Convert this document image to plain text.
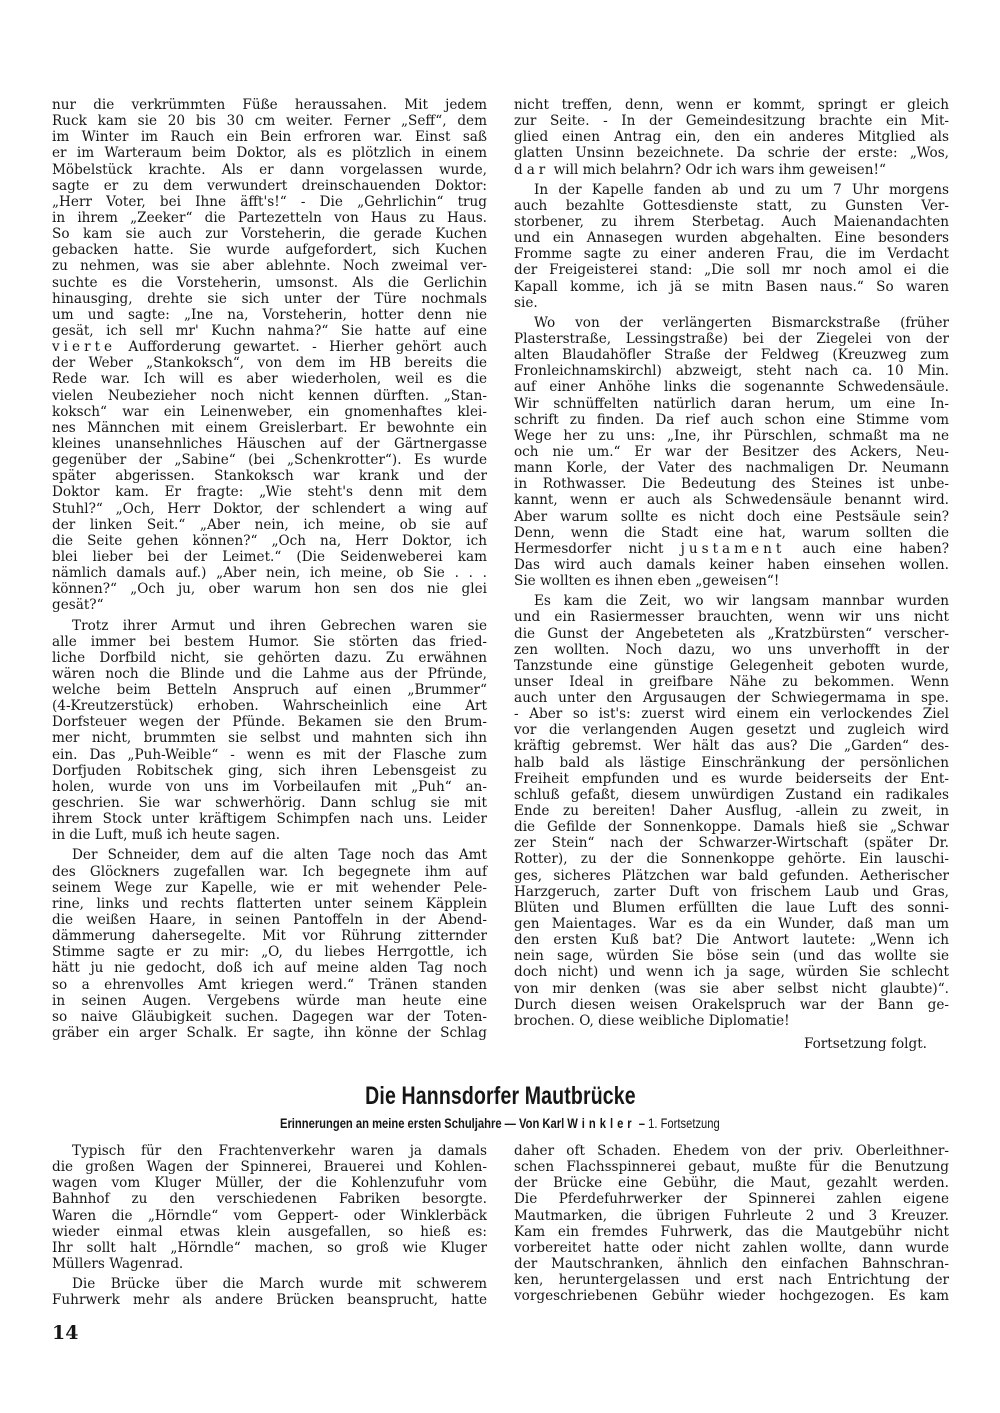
nur die verkrümmten Füße heraussahen. Mit jedem
Ruck kam sie 20 bis 30 cm weiter. Ferner „Seff“, dem
im Winter im Rauch ein Bein erfroren war. Einst saß
er im Warteraum beim Doktor, als es plötzlich in einem
Möbelstück krachte. Als er dann vorgelassen wurde,
sagte er zu dem verwundert dreinschauenden Doktor:
„Herr Voter, bei Ihne äfft's!“ - Die „Gehrlichin“ trug
in ihrem „Zeeker“ die Partezetteln von Haus zu Haus.
So kam sie auch zur Vorsteherin, die gerade Kuchen
gebacken hatte. Sie wurde aufgefordert, sich Kuchen
zu nehmen, was sie aber ablehnte. Noch zweimal ver-
suchte es die Vorsteherin, umsonst. Als die Gerlichin
hinausging, drehte sie sich unter der Türe nochmals
um und sagte: „Ine na, Vorsteherin, hotter denn nie
gesät, ich sell mr' Kuchn nahma?“ Sie hatte auf eine
vierte Aufforderung gewartet. - Hierher gehört auch
der Weber „Stankoksch“, von dem im HB bereits die
Rede war. Ich will es aber wiederholen, weil es die
vielen Neubezieher noch nicht kennen dürften. „Stan-
koksch“ war ein Leinenweber, ein gnomenhaftes klei-
nes Männchen mit einem Greislerbart. Er bewohnte ein
kleines unansehnliches Häuschen auf der Gärtnergasse
gegenüber der „Sabine“ (bei „Schenkrotter“). Es wurde
später abgerissen. Stankoksch war krank und der
Doktor kam. Er fragte: „Wie steht's denn mit dem
Stuhl?“ „Och, Herr Doktor, der schlendert a wing auf
der linken Seit.“ „Aber nein, ich meine, ob sie auf
die Seite gehen können?“ „Och na, Herr Doktor, ich
blei lieber bei der Leimet.“ (Die Seidenweberei kam
nämlich damals auf.) „Aber nein, ich meine, ob Sie . . .
können?“ „Och ju, ober warum hon sen dos nie glei
gesät?“
Trotz ihrer Armut und ihren Gebrechen waren sie
alle immer bei bestem Humor. Sie störten das fried-
liche Dorfbild nicht, sie gehörten dazu. Zu erwähnen
wären noch die Blinde und die Lahme aus der Pfründe,
welche beim Betteln Anspruch auf einen „Brummer“
(4-Kreutzerstück) erhoben. Wahrscheinlich eine Art
Dorfsteuer wegen der Pfünde. Bekamen sie den Brum-
mer nicht, brummten sie selbst und mahnten sich ihn
ein. Das „Puh-Weible“ - wenn es mit der Flasche zum
Dorfjuden Robitschek ging, sich ihren Lebensgeist zu
holen, wurde von uns im Vorbeilaufen mit „Puh“ an-
geschrien. Sie war schwerhörig. Dann schlug sie mit
ihrem Stock unter kräftigem Schimpfen nach uns. Leider
in die Luft, muß ich heute sagen.
Der Schneider, dem auf die alten Tage noch das Amt
des Glöckners zugefallen war. Ich begegnete ihm auf
seinem Wege zur Kapelle, wie er mit wehender Pele-
rine, links und rechts flatterten unter seinem Käpplein
die weißen Haare, in seinen Pantoffeln in der Abend-
dämmerung dahersegelte. Mit vor Rührung zitternder
Stimme sagte er zu mir: „O, du liebes Herrgottle, ich
hätt ju nie gedocht, doß ich auf meine alden Tag noch
so a ehrenvolles Amt kriegen werd.“ Tränen standen
in seinen Augen. Vergebens würde man heute eine
so naive Gläubigkeit suchen. Dagegen war der Toten-
gräber ein arger Schalk. Er sagte, ihn könne der Schlag
nicht treffen, denn, wenn er kommt, springt er gleich
zur Seite. - In der Gemeindesitzung brachte ein Mit-
glied einen Antrag ein, den ein anderes Mitglied als
glatten Unsinn bezeichnete. Da schrie der erste: „Wos,
dar will mich belahrn? Odr ich wars ihm geweisen!“
In der Kapelle fanden ab und zu um 7 Uhr morgens
auch bezahlte Gottesdienste statt, zu Gunsten Ver-
storbener, zu ihrem Sterbetag. Auch Maienandachten
und ein Annasegen wurden abgehalten. Eine besonders
Fromme sagte zu einer anderen Frau, die im Verdacht
der Freigeisterei stand: „Die soll mr noch amol ei die
Kapall komme, ich jä se mitn Basen naus.“ So waren
sie.
Wo von der verlängerten Bismarckstraße (früher
Plasterstraße, Lessingstraße) bei der Ziegelei von der
alten Blaudahöfler Straße der Feldweg (Kreuzweg zum
Fronleichnamskirchl) abzweigt, steht nach ca. 10 Min.
auf einer Anhöhe links die sogenannte Schwedensäule.
Wir schnüffelten natürlich daran herum, um eine In-
schrift zu finden. Da rief auch schon eine Stimme vom
Wege her zu uns: „Ine, ihr Pürschlen, schmaßt ma ne
och nie um.“ Er war der Besitzer des Ackers, Neu-
mann Korle, der Vater des nachmaligen Dr. Neumann
in Rothwasser. Die Bedeutung des Steines ist unbe-
kannt, wenn er auch als Schwedensäule benannt wird.
Aber warum sollte es nicht doch eine Pestsäule sein?
Denn, wenn die Stadt eine hat, warum sollten die
Hermesdorfer nicht justament auch eine haben?
Das wird auch damals keiner haben einsehen wollen.
Sie wollten es ihnen eben „geweisen“!
Es kam die Zeit, wo wir langsam mannbar wurden
und ein Rasiermesser brauchten, wenn wir uns nicht
die Gunst der Angebeteten als „Kratzbürsten“ verscher-
zen wollten. Noch dazu, wo uns unverhofft in der
Tanzstunde eine günstige Gelegenheit geboten wurde,
unser Ideal in greifbare Nähe zu bekommen. Wenn
auch unter den Argusaugen der Schwiegermama in spe.
- Aber so ist's: zuerst wird einem ein verlockendes Ziel
vor die verlangenden Augen gesetzt und zugleich wird
kräftig gebremst. Wer hält das aus? Die „Garden“ des-
halb bald als lästige Einschränkung der persönlichen
Freiheit empfunden und es wurde beiderseits der Ent-
schluß gefaßt, diesem unwürdigen Zustand ein radikales
Ende zu bereiten! Daher Ausflug, -allein zu zweit, in
die Gefilde der Sonnenkoppe. Damals hieß sie „Schwar
zer Stein“ nach der Schwarzer-Wirtschaft (später Dr.
Rotter), zu der die Sonnenkoppe gehörte. Ein lauschi-
ges, sicheres Plätzchen war bald gefunden. Aetherischer
Harzgeruch, zarter Duft von frischem Laub und Gras,
Blüten und Blumen erfüllten die laue Luft des sonni-
gen Maientages. War es da ein Wunder, daß man um
den ersten Kuß bat? Die Antwort lautete: „Wenn ich
nein sage, würden Sie böse sein (und das wollte sie
doch nicht) und wenn ich ja sage, würden Sie schlecht
von mir denken (was sie aber selbst nicht glaubte)“.
Durch diesen weisen Orakelspruch war der Bann ge-
brochen. O, diese weibliche Diplomatie!
Fortsetzung folgt.
Die Hannsdorfer Mautbrücke
Erinnerungen an meine ersten Schuljahre — Von Karl Winkler – 1. Fortsetzung
Typisch für den Frachtenverkehr waren ja damals
die großen Wagen der Spinnerei, Brauerei und Kohlen-
wagen vom Kluger Müller, der die Kohlenzufuhr vom
Bahnhof zu den verschiedenen Fabriken besorgte.
Waren die „Hörndle“ vom Geppert- oder Winklerbäck
wieder einmal etwas klein ausgefallen, so hieß es:
Ihr sollt halt „Hörndle“ machen, so groß wie Kluger
Müllers Wagenrad.
Die Brücke über die March wurde mit schwerem
Fuhrwerk mehr als andere Brücken beansprucht, hatte
daher oft Schaden. Ehedem von der priv. Oberleithner-
schen Flachsspinnerei gebaut, mußte für die Benutzung
der Brücke eine Gebühr, die Maut, gezahlt werden.
Die Pferdefuhrwerker der Spinnerei zahlen eigene
Mautmarken, die übrigen Fuhrleute 2 und 3 Kreuzer.
Kam ein fremdes Fuhrwerk, das die Mautgebühr nicht
vorbereitet hatte oder nicht zahlen wollte, dann wurde
der Mautschranken, ähnlich den einfachen Bahnschran-
ken, heruntergelassen und erst nach Entrichtung der
vorgeschriebenen Gebühr wieder hochgezogen. Es kam
14
